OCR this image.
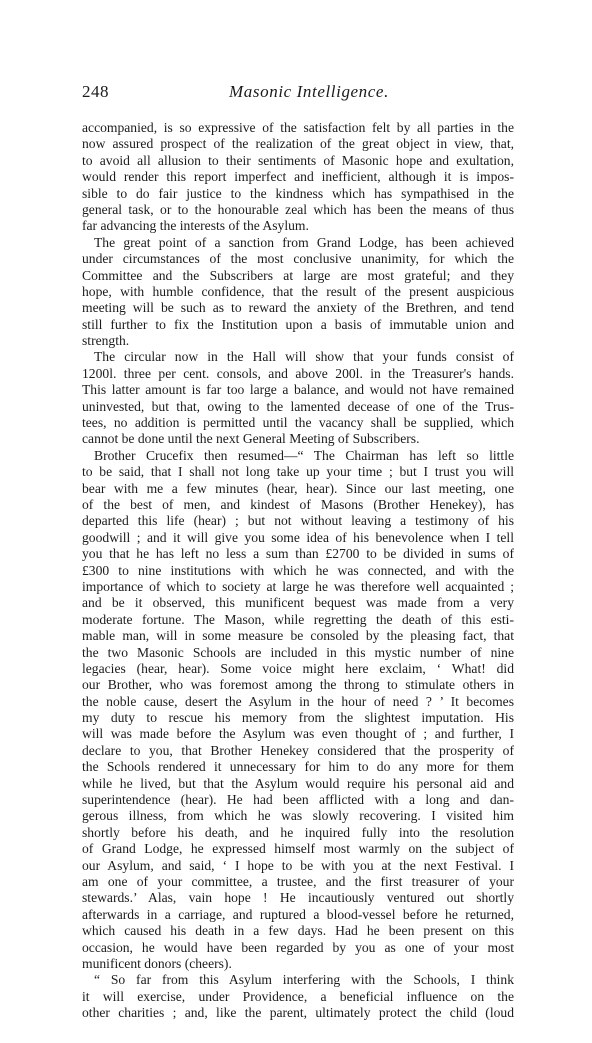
248	Masonic Intelligence.
accompanied, is so expressive of the satisfaction felt by all parties in the
now assured prospect of the realization of the great object in view, that,
to avoid all allusion to their sentiments of Masonic hope and exultation,
would render this report imperfect and inefficient, although it is impos-
sible to do fair justice to the kindness which has sympathised in the
general task, or to the honourable zeal which has been the means of thus
far advancing the interests of the Asylum.
The great point of a sanction from Grand Lodge, has been achieved
under circumstances of the most conclusive unanimity, for which the
Committee and the Subscribers at large are most grateful; and they
hope, with humble confidence, that the result of the present auspicious
meeting will be such as to reward the anxiety of the Brethren, and tend
still further to fix the Institution upon a basis of immutable union and
strength.
The circular now in the Hall will show that your funds consist of
1200l. three per cent. consols, and above 200l. in the Treasurer's hands.
This latter amount is far too large a balance, and would not have remained
uninvested, but that, owing to the lamented decease of one of the Trus-
tees, no addition is permitted until the vacancy shall be supplied, which
cannot be done until the next General Meeting of Subscribers.
Brother Crucefix then resumed—“ The Chairman has left so little
to be said, that I shall not long take up your time ; but I trust you will
bear with me a few minutes (hear, hear). Since our last meeting, one
of the best of men, and kindest of Masons (Brother Henekey), has
departed this life (hear) ; but not without leaving a testimony of his
goodwill ; and it will give you some idea of his benevolence when I tell
you that he has left no less a sum than £2700 to be divided in sums of
£300 to nine institutions with which he was connected, and with the
importance of which to society at large he was therefore well acquainted ;
and be it observed, this munificent bequest was made from a very
moderate fortune. The Mason, while regretting the death of this esti-
mable man, will in some measure be consoled by the pleasing fact, that
the two Masonic Schools are included in this mystic number of nine
legacies (hear, hear). Some voice might here exclaim, ‘ What! did
our Brother, who was foremost among the throng to stimulate others in
the noble cause, desert the Asylum in the hour of need ? ’ It becomes
my duty to rescue his memory from the slightest imputation. His
will was made before the Asylum was even thought of ; and further, I
declare to you, that Brother Henekey considered that the prosperity of
the Schools rendered it unnecessary for him to do any more for them
while he lived, but that the Asylum would require his personal aid and
superintendence (hear). He had been afflicted with a long and dan-
gerous illness, from which he was slowly recovering. I visited him
shortly before his death, and he inquired fully into the resolution
of Grand Lodge, he expressed himself most warmly on the subject of
our Asylum, and said, ‘ I hope to be with you at the next Festival. I
am one of your committee, a trustee, and the first treasurer of your
stewards.’ Alas, vain hope ! He incautiously ventured out shortly
afterwards in a carriage, and ruptured a blood-vessel before he returned,
which caused his death in a few days. Had he been present on this
occasion, he would have been regarded by you as one of your most
munificent donors (cheers).
“ So far from this Asylum interfering with the Schools, I think
it will exercise, under Providence, a beneficial influence on the
other charities ; and, like the parent, ultimately protect the child (loud
